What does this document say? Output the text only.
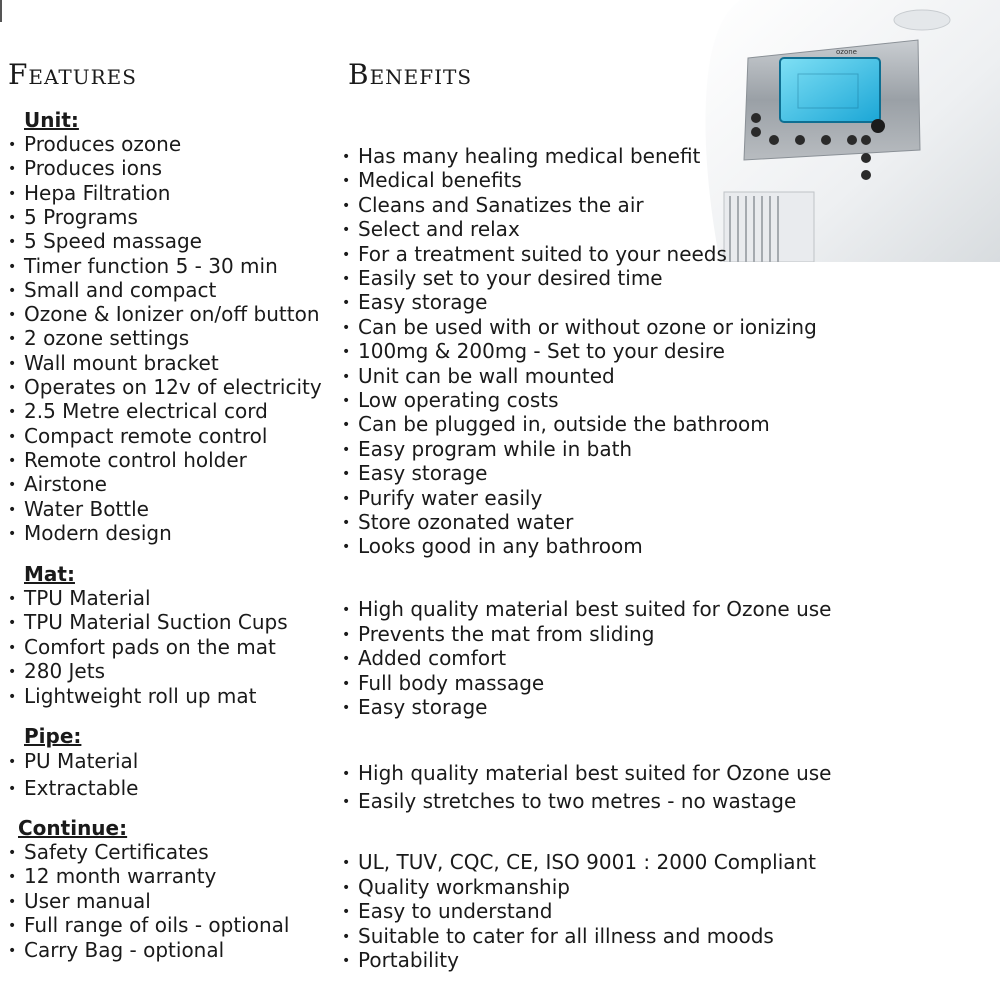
Features	Benefits
ozone
Unit:
• Produces ozone
• Produces ions
• Hepa Filtration
• 5 Programs
• 5 Speed massage
• Timer function 5 - 30 min
• Small and compact
• Ozone & Ionizer on/off button
• 2 ozone settings
• Wall mount bracket
• Operates on 12v of electricity
• 2.5 Metre electrical cord
• Compact remote control
• Remote control holder
• Airstone
• Water Bottle
• Modern design
Mat:
• TPU Material
• TPU Material Suction Cups
• Comfort pads on the mat
• 280 Jets
• Lightweight roll up mat
Pipe:
• PU Material
• Extractable
Continue:
• Safety Certificates
• 12 month warranty
• User manual
• Full range of oils - optional
• Carry Bag - optional
• Has many healing medical benefit
• Medical benefits
• Cleans and Sanatizes the air
• Select and relax
• For a treatment suited to your needs
• Easily set to your desired time
• Easy storage
• Can be used with or without ozone or ionizing
• 100mg & 200mg - Set to your desire
• Unit can be wall mounted
• Low operating costs
• Can be plugged in, outside the bathroom
• Easy program while in bath
• Easy storage
• Purify water easily
• Store ozonated water
• Looks good in any bathroom
• High quality material best suited for Ozone use
• Prevents the mat from sliding
• Added comfort
• Full body massage
• Easy storage
• High quality material best suited for Ozone use
• Easily stretches to two metres - no wastage
• UL, TUV, CQC, CE, ISO 9001 : 2000 Compliant
• Quality workmanship
• Easy to understand
• Suitable to cater for all illness and moods
• Portability
